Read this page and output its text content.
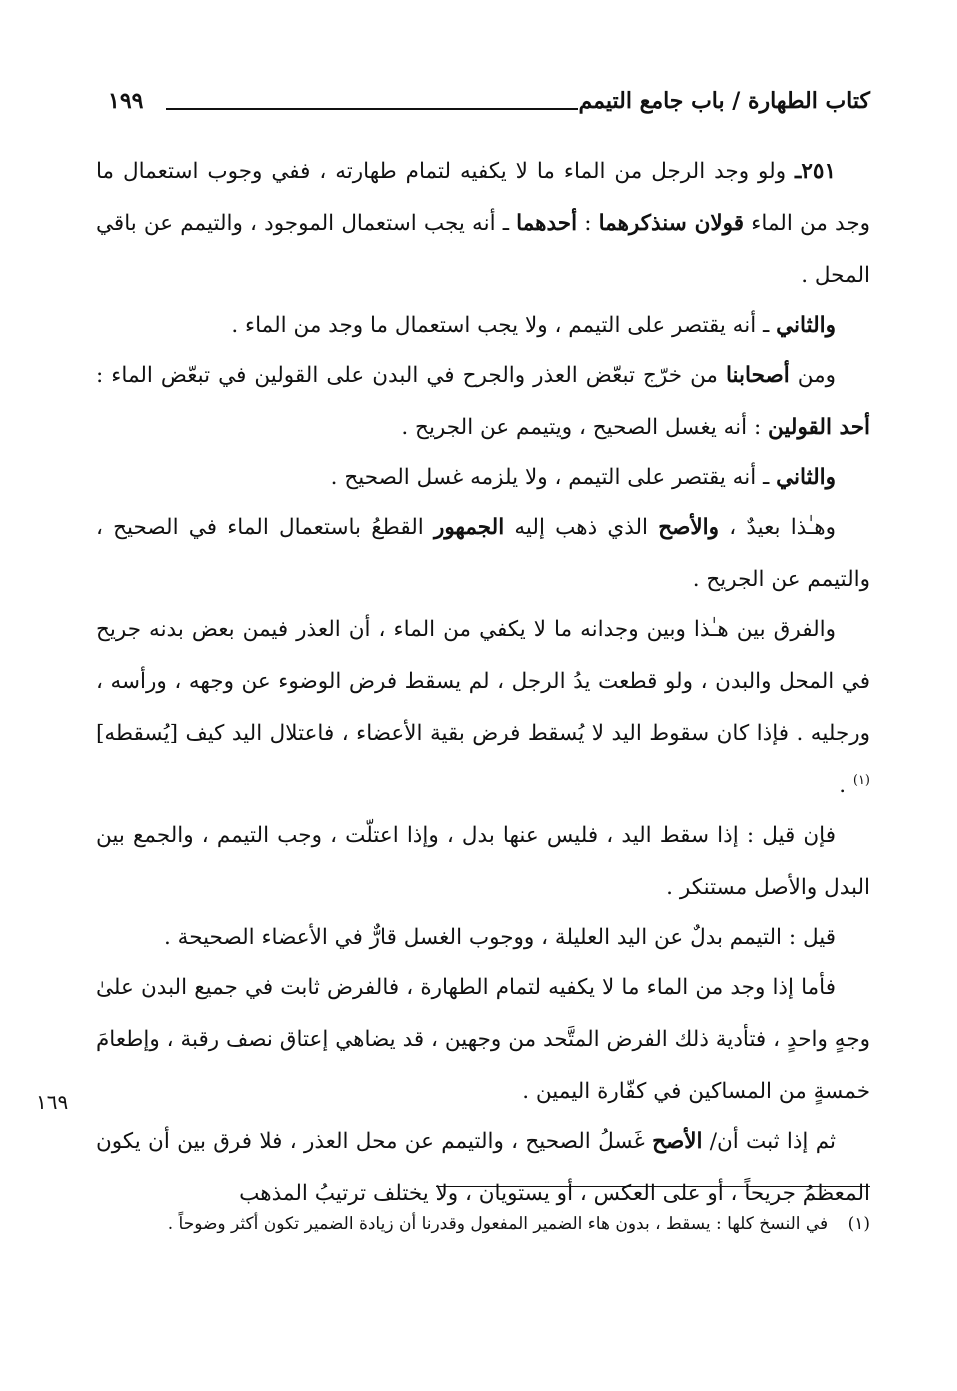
كتاب الطهارة / باب جامع التيمم
١٩٩

٢٥١ـ ولو وجد الرجل من الماء ما لا يكفيه لتمام طهارته ، ففي وجوب استعمال ما وجد من الماء قولان سنذكرهما : أحدهما ـ أنه يجب استعمال الموجود ، والتيمم عن باقي المحل .

والثاني ـ أنه يقتصر على التيمم ، ولا يجب استعمال ما وجد من الماء .

ومن أصحابنا من خرّج تبعّض العذر والجرح في البدن على القولين في تبعّض الماء : أحد القولين : أنه يغسل الصحيح ، ويتيمم عن الجريح .

والثاني ـ أنه يقتصر على التيمم ، ولا يلزمه غسل الصحيح .

وهـٰذا بعيدٌ ، والأصح الذي ذهب إليه الجمهور القطعُ باستعمال الماء في الصحيح ، والتيمم عن الجريح .

والفرق بين هـٰذا وبين وجدانه ما لا يكفي من الماء ، أن العذر فيمن بعض بدنه جريح في المحل والبدن ، ولو قطعت يدُ الرجل ، لم يسقط فرض الوضوء عن وجهه ، ورأسه ، ورجليه . فإذا كان سقوط اليد لا يُسقط فرض بقية الأعضاء ، فاعتلال اليد كيف [يُسقطه]$^{(١)}$ .

فإن قيل : إذا سقط اليد ، فليس عنها بدل ، وإذا اعتلّت ، وجب التيمم ، والجمع بين البدل والأصل مستنكر .

قيل : التيمم بدلٌ عن اليد العليلة ، ووجوب الغسل قارٌّ في الأعضاء الصحيحة .

فأما إذا وجد من الماء ما لا يكفيه لتمام الطهارة ، فالفرض ثابت في جميع البدن علىٰ وجهٍ واحدٍ ، فتأدية ذلك الفرض المتَّحد من وجهين ، قد يضاهي إعتاق نصف رقبة ، وإطعامَ خمسةٍ من المساكين في كفّارة اليمين .

ثم إذا ثبت أن/ الأصح غَسلُ الصحيح ، والتيمم عن محل العذر ، فلا فرق بين أن يكون المعظمُ جريحاً ، أو على العكس ، أو يستويان ، ولا يختلف ترتيبُ المذهب

١٦٩
(١) في النسخ كلها : يسقط ، بدون هاء الضمير المفعول وقدرنا أن زيادة الضمير تكون أكثر وضوحاً .
